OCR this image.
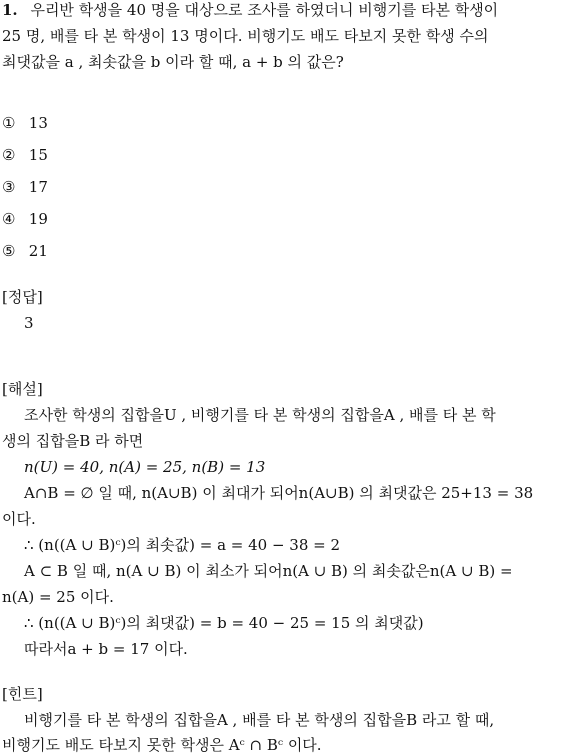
1. 우리반 학생을 40 명을 대상으로 조사를 하였더니 비행기를 타본 학생이
25 명, 배를 타 본 학생이 13 명이다. 비행기도 배도 타보지 못한 학생 수의
최댓값을 a , 최솟값을 b 이라 할 때, a + b 의 값은?
① 13
② 15
③ 17
④ 19
⑤ 21
[정답]
3
[해설]
조사한 학생의 집합을U , 비행기를 타 본 학생의 집합을A , 배를 타 본 학
생의 집합을B 라 하면
n(U) = 40, n(A) = 25, n(B) = 13
A∩B = ∅ 일 때, n(A∪B) 이 최대가 되어n(A∪B) 의 최댓값은 25+13 = 38
이다.
∴ (n((A ∪ B)ᶜ)의 최솟값) = a = 40 − 38 = 2
A ⊂ B 일 때, n(A ∪ B) 이 최소가 되어n(A ∪ B) 의 최솟값은n(A ∪ B) =
n(A) = 25 이다.
∴ (n((A ∪ B)ᶜ)의 최댓값) = b = 40 − 25 = 15 의 최댓값)
따라서a + b = 17 이다.
[힌트]
비행기를 타 본 학생의 집합을A , 배를 타 본 학생의 집합을B 라고 할 때,
비행기도 배도 타보지 못한 학생은 Aᶜ ∩ Bᶜ 이다.
